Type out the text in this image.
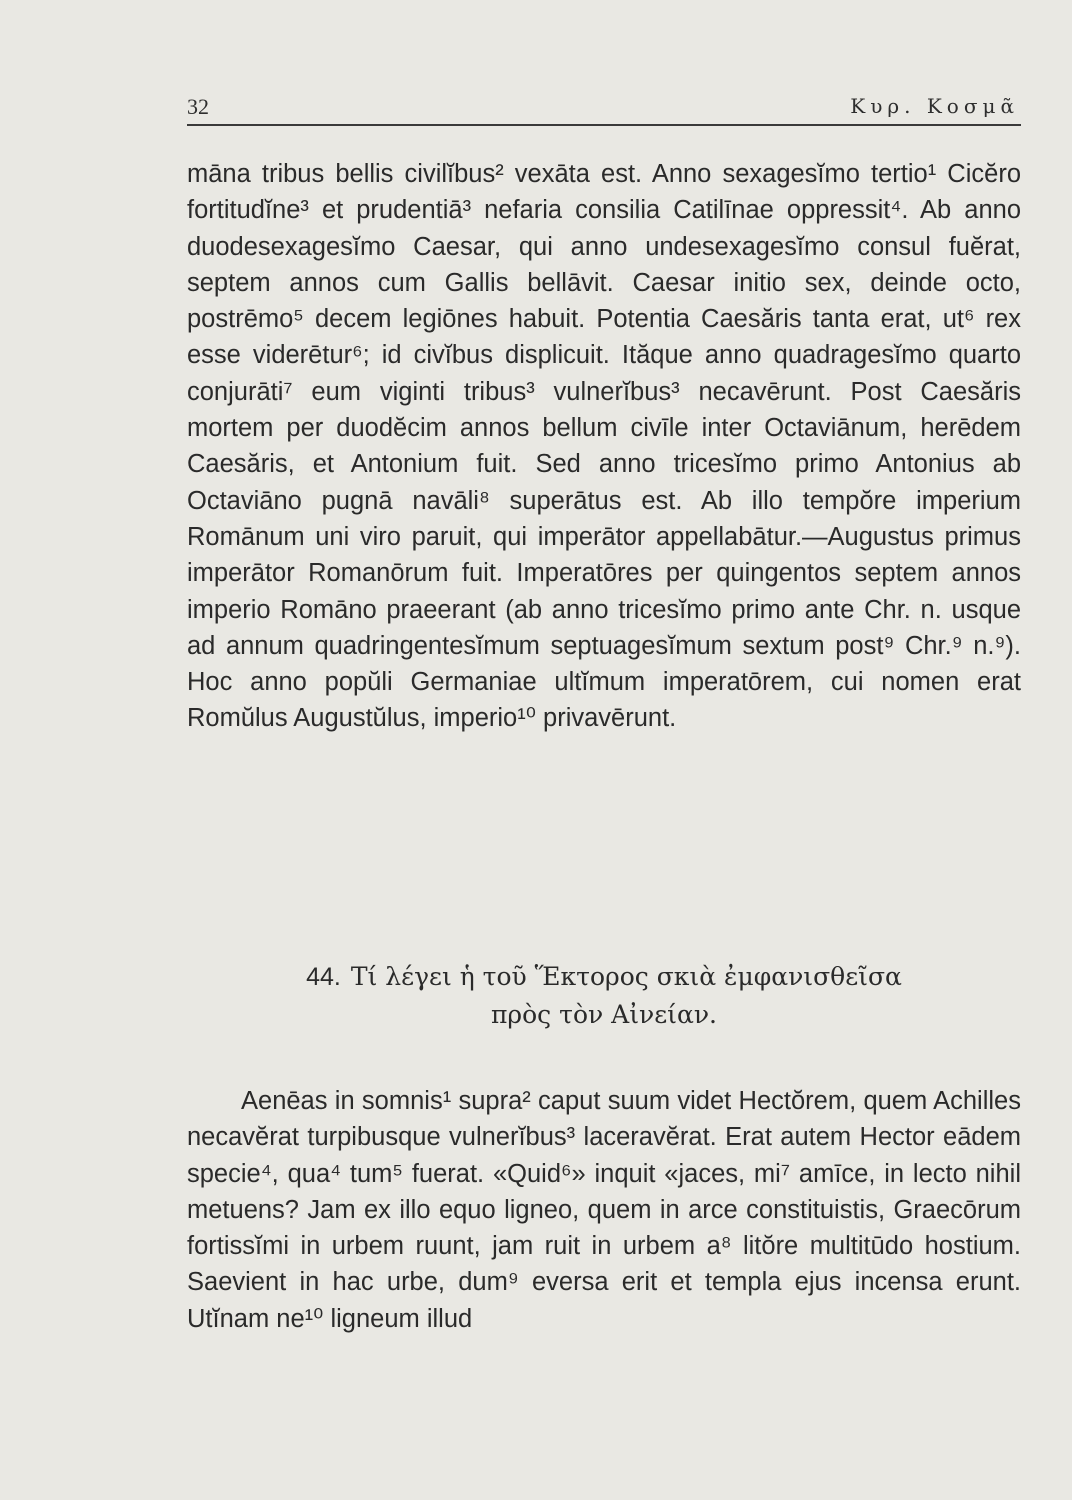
32	Κυρ. Κοσμᾶ

māna tribus bellis civilĭbus² vexāta est. Anno sexagesĭmo tertio¹ Cicĕro fortitudĭne³ et prudentiā³ nefaria consilia Catilīnae oppressit⁴. Ab anno duodesexagesĭmo Caesar, qui anno undesexagesĭmo consul fuĕrat, septem annos cum Gallis bellāvit. Caesar initio sex, deinde octo, postrēmo⁵ decem legiōnes habuit. Potentia Caesăris tanta erat, ut⁶ rex esse viderētur⁶; id civĭbus displicuit. Ităque anno quadragesĭmo quarto conjurāti⁷ eum viginti tribus³ vulnerĭbus³ necavērunt. Post Caesăris mortem per duodĕcim annos bellum civīle inter Octaviānum, herēdem Caesăris, et Antonium fuit. Sed anno tricesĭmo primo Antonius ab Octaviāno pugnā navāli⁸ superātus est. Ab illo tempŏre imperium Romānum uni viro paruit, qui imperātor appellabātur.—Augustus primus imperātor Romanōrum fuit. Imperatōres per quingentos septem annos imperio Romāno praeerant (ab anno tricesĭmo primo ante Chr. n. usque ad annum quadringentesĭmum septuagesĭmum sextum post⁹ Chr.⁹ n.⁹). Hoc anno popŭli Germaniae ultĭmum imperatōrem, cui nomen erat Romŭlus Augustŭlus, imperio¹⁰ privavērunt.

44. Τί λέγει ἡ τοῦ Ἕκτορος σκιὰ ἐμφανισθεῖσα
πρὸς τὸν Αἰνείαν.

Aenēas in somnis¹ supra² caput suum videt Hectŏrem, quem Achilles necavĕrat turpibusque vulnerĭbus³ laceravĕrat. Erat autem Hector eādem specie⁴, qua⁴ tum⁵ fuerat. «Quid⁶» inquit «jaces, mi⁷ amīce, in lecto nihil metuens? Jam ex illo equo ligneo, quem in arce constituistis, Graecōrum fortissĭmi in urbem ruunt, jam ruit in urbem a⁸ litŏre multitūdo hostium. Saevient in hac urbe, dum⁹ eversa erit et templa ejus incensa erunt. Utĭnam ne¹⁰ ligneum illud
